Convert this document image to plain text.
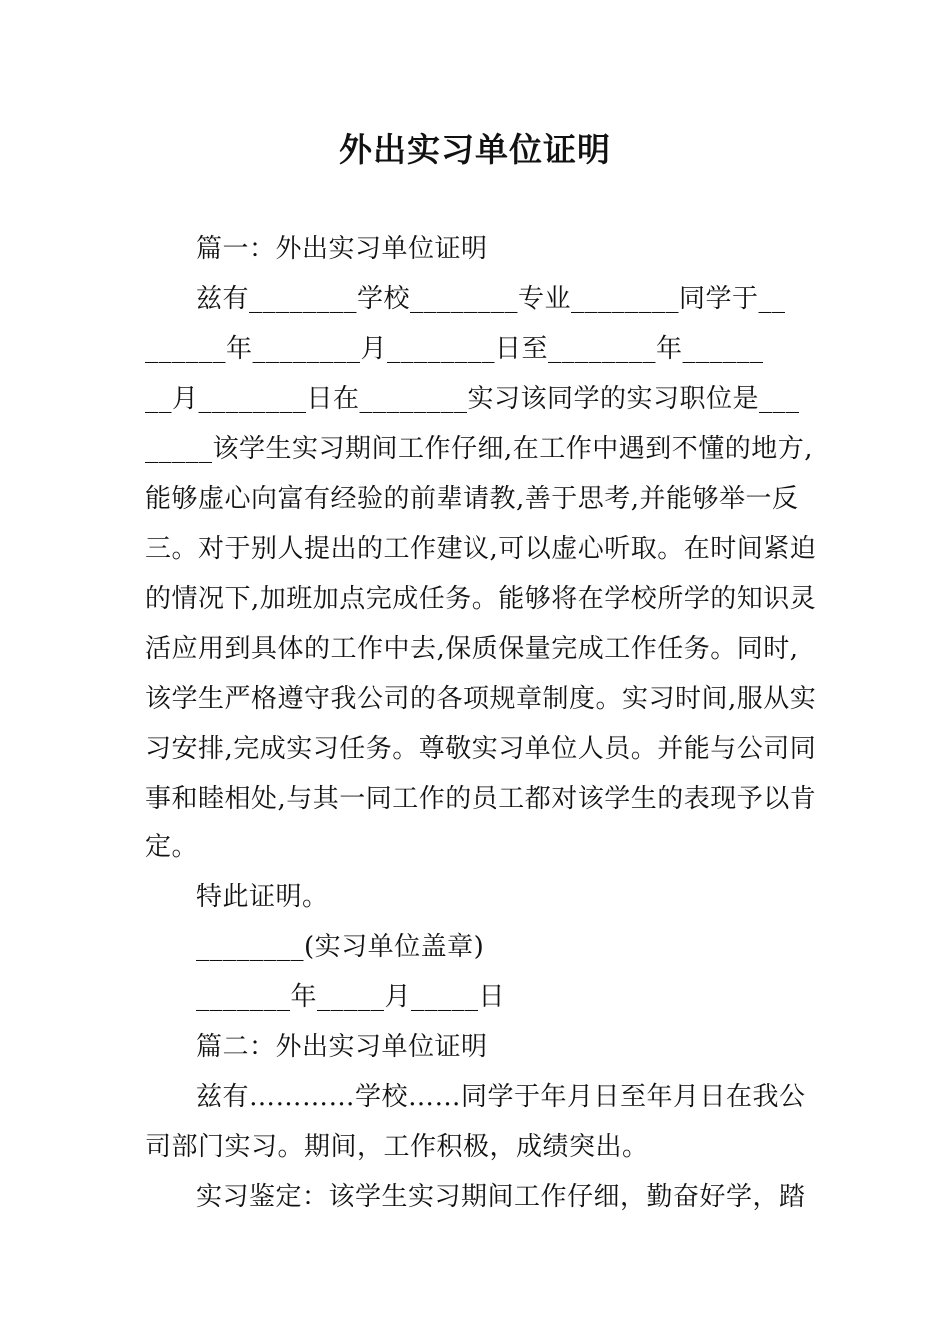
外出实习单位证明
篇一：外出实习单位证明
兹有________学校________专业________同学于__
______年________月________日至________年______
__月________日在________实习该同学的实习职位是___
_____该学生实习期间工作仔细,在工作中遇到不懂的地方,
能够虚心向富有经验的前辈请教,善于思考,并能够举一反
三。对于别人提出的工作建议,可以虚心听取。在时间紧迫
的情况下,加班加点完成任务。能够将在学校所学的知识灵
活应用到具体的工作中去,保质保量完成工作任务。同时,
该学生严格遵守我公司的各项规章制度。实习时间,服从实
习安排,完成实习任务。尊敬实习单位人员。并能与公司同
事和睦相处,与其一同工作的员工都对该学生的表现予以肯
定。
特此证明。
________(实习单位盖章)
_______年_____月_____日
篇二：外出实习单位证明
兹有…………学校……同学于年月日至年月日在我公
司部门实习。期间，工作积极，成绩突出。
实习鉴定：该学生实习期间工作仔细，勤奋好学，踏
